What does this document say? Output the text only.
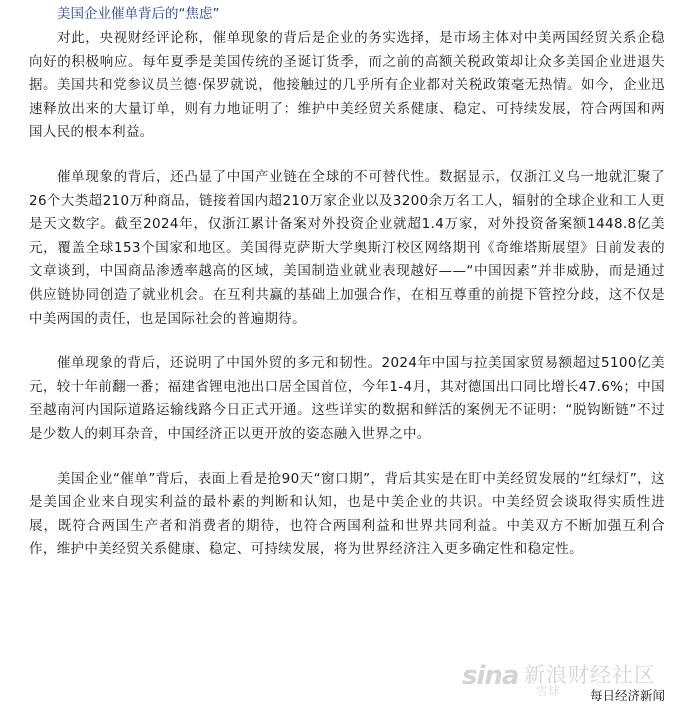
美国企业催单背后的“焦虑”

对此，央视财经评论称，催单现象的背后是企业的务实选择，是市场主体对中美两国经贸关系企稳向好的积极响应。每年夏季是美国传统的圣诞订货季，而之前的高额关税政策却让众多美国企业进退失据。美国共和党参议员兰德·保罗就说，他接触过的几乎所有企业都对关税政策毫无热情。如今，企业迅速释放出来的大量订单，则有力地证明了：维护中美经贸关系健康、稳定、可持续发展，符合两国和两国人民的根本利益。

催单现象的背后，还凸显了中国产业链在全球的不可替代性。数据显示，仅浙江义乌一地就汇聚了26个大类超210万种商品，链接着国内超210万家企业以及3200余万名工人，辐射的全球企业和工人更是天文数字。截至2024年，仅浙江累计备案对外投资企业就超1.4万家，对外投资备案额1448.8亿美元，覆盖全球153个国家和地区。美国得克萨斯大学奥斯汀校区网络期刊《奇维塔斯展望》日前发表的文章谈到，中国商品渗透率越高的区域，美国制造业就业表现越好——“中国因素”并非威胁，而是通过供应链协同创造了就业机会。在互利共赢的基础上加强合作，在相互尊重的前提下管控分歧，这不仅是中美两国的责任，也是国际社会的普遍期待。

催单现象的背后，还说明了中国外贸的多元和韧性。2024年中国与拉美国家贸易额超过5100亿美元，较十年前翻一番；福建省锂电池出口居全国首位，今年1-4月，其对德国出口同比增长47.6%；中国至越南河内国际道路运输线路今日正式开通。这些详实的数据和鲜活的案例无不证明：“脱钩断链”不过是少数人的刺耳杂音，中国经济正以更开放的姿态融入世界之中。

美国企业“催单”背后，表面上看是抢90天“窗口期”，背后其实是在盯中美经贸发展的“红绿灯”，这是美国企业来自现实利益的最朴素的判断和认知，也是中美企业的共识。中美经贸会谈取得实质性进展，既符合两国生产者和消费者的期待，也符合两国利益和世界共同利益。中美双方不断加强互利合作，维护中美经贸关系健康、稳定、可持续发展，将为世界经济注入更多确定性和稳定性。

sina 新浪财经社区
雪球 每日经济新闻
